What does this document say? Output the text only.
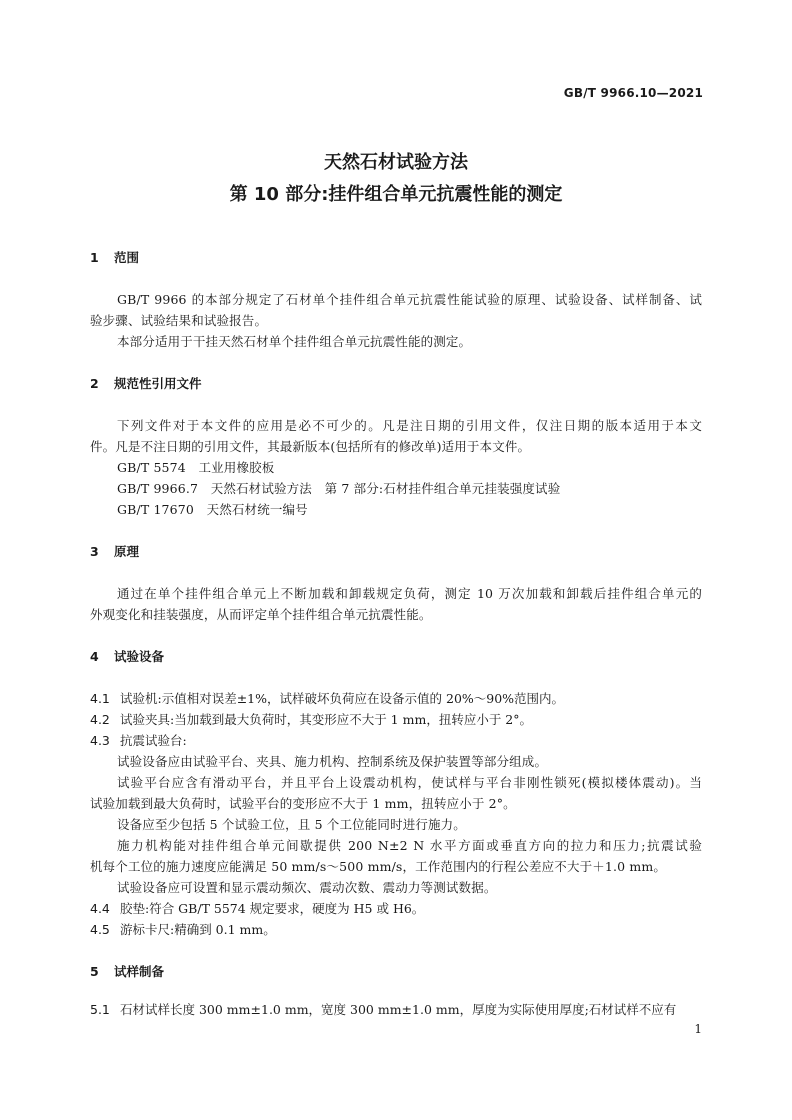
GB/T 9966.10—2021
天然石材试验方法
第 10 部分:挂件组合单元抗震性能的测定
1 范围
GB/T 9966 的本部分规定了石材单个挂件组合单元抗震性能试验的原理、试验设备、试样制备、试
验步骤、试验结果和试验报告。
本部分适用于干挂天然石材单个挂件组合单元抗震性能的测定。
2 规范性引用文件
下列文件对于本文件的应用是必不可少的。凡是注日期的引用文件，仅注日期的版本适用于本文
件。凡是不注日期的引用文件，其最新版本(包括所有的修改单)适用于本文件。
GB/T 5574　工业用橡胶板
GB/T 9966.7　天然石材试验方法　第 7 部分:石材挂件组合单元挂装强度试验
GB/T 17670　天然石材统一编号
3 原理
通过在单个挂件组合单元上不断加载和卸载规定负荷，测定 10 万次加载和卸载后挂件组合单元的
外观变化和挂装强度，从而评定单个挂件组合单元抗震性能。
4 试验设备
4.1 试验机:示值相对误差±1%，试样破坏负荷应在设备示值的 20%～90%范围内。
4.2 试验夹具:当加载到最大负荷时，其变形应不大于 1 mm，扭转应小于 2°。
4.3 抗震试验台:
试验设备应由试验平台、夹具、施力机构、控制系统及保护装置等部分组成。
试验平台应含有滑动平台，并且平台上设震动机构，使试样与平台非刚性锁死(模拟楼体震动)。当
试验加载到最大负荷时，试验平台的变形应不大于 1 mm，扭转应小于 2°。
设备应至少包括 5 个试验工位，且 5 个工位能同时进行施力。
施力机构能对挂件组合单元间歇提供 200 N±2 N 水平方面或垂直方向的拉力和压力;抗震试验
机每个工位的施力速度应能满足 50 mm/s～500 mm/s，工作范围内的行程公差应不大于＋1.0 mm。
试验设备应可设置和显示震动频次、震动次数、震动力等测试数据。
4.4 胶垫:符合 GB/T 5574 规定要求，硬度为 H5 或 H6。
4.5 游标卡尺:精确到 0.1 mm。
5 试样制备
5.1 石材试样长度 300 mm±1.0 mm，宽度 300 mm±1.0 mm，厚度为实际使用厚度;石材试样不应有
1
